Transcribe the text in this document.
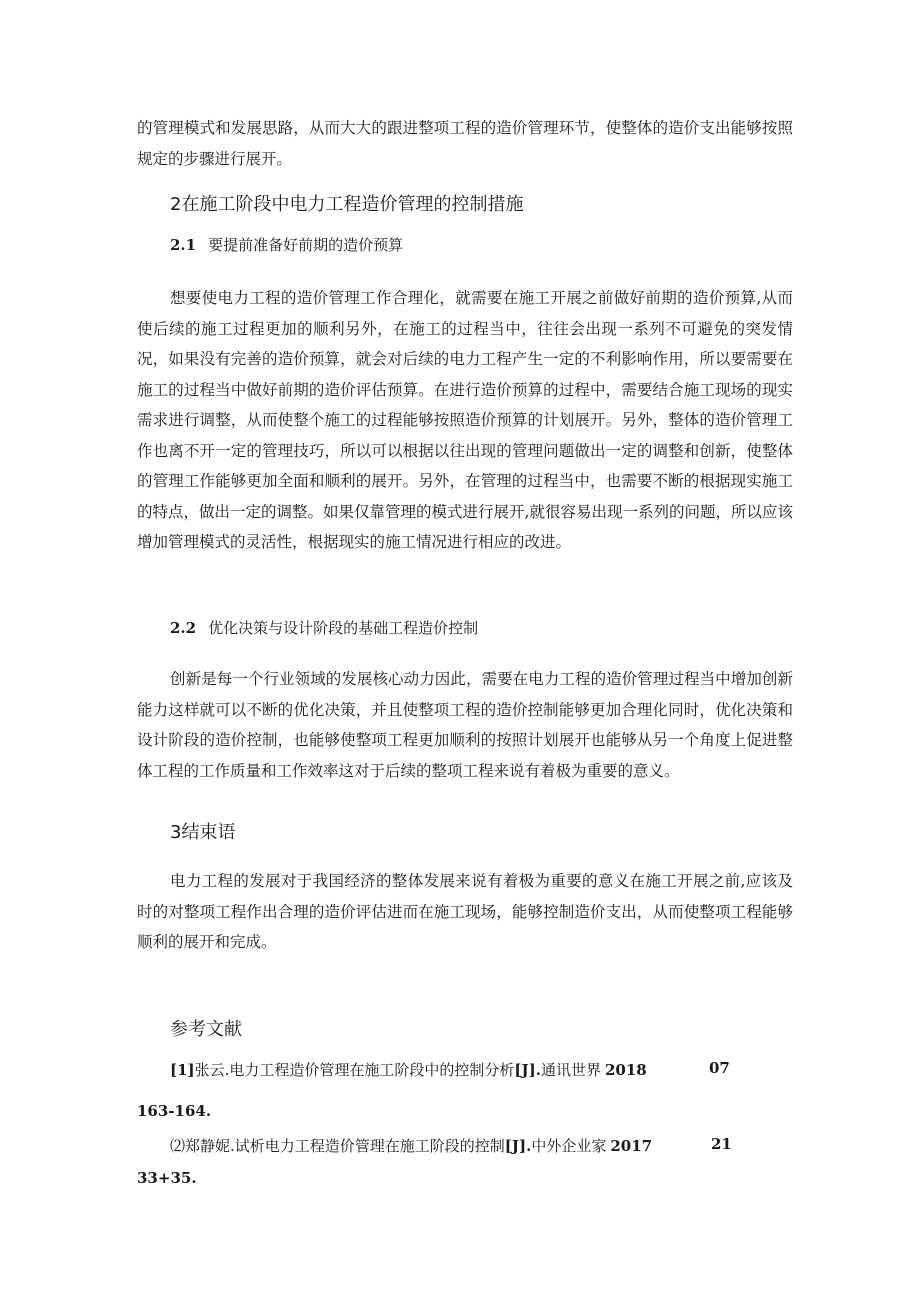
的管理模式和发展思路，从而大大的跟进整项工程的造价管理环节，使整体的造价支出能够按照规定的步骤进行展开。

2在施工阶段中电力工程造价管理的控制措施
2.1 要提前准备好前期的造价预算

想要使电力工程的造价管理工作合理化，就需要在施工开展之前做好前期的造价预算,从而使后续的施工过程更加的顺利另外，在施工的过程当中，往往会出现一系列不可避免的突发情况，如果没有完善的造价预算，就会对后续的电力工程产生一定的不利影响作用，所以要需要在施工的过程当中做好前期的造价评估预算。在进行造价预算的过程中，需要结合施工现场的现实需求进行调整，从而使整个施工的过程能够按照造价预算的计划展开。另外，整体的造价管理工作也离不开一定的管理技巧，所以可以根据以往出现的管理问题做出一定的调整和创新，使整体的管理工作能够更加全面和顺利的展开。另外，在管理的过程当中，也需要不断的根据现实施工的特点，做出一定的调整。如果仅靠管理的模式进行展开,就很容易出现一系列的问题，所以应该增加管理模式的灵活性，根据现实的施工情况进行相应的改进。

2.2 优化决策与设计阶段的基础工程造价控制

创新是每一个行业领域的发展核心动力因此，需要在电力工程的造价管理过程当中增加创新能力这样就可以不断的优化决策，并且使整项工程的造价控制能够更加合理化同时，优化决策和设计阶段的造价控制，也能够使整项工程更加顺利的按照计划展开也能够从另一个角度上促进整体工程的工作质量和工作效率这对于后续的整项工程来说有着极为重要的意义。

3结束语

电力工程的发展对于我国经济的整体发展来说有着极为重要的意义在施工开展之前,应该及时的对整项工程作出合理的造价评估进而在施工现场，能够控制造价支出，从而使整项工程能够顺利的展开和完成。

参考文献
[1]张云.电力工程造价管理在施工阶段中的控制分析[J].通讯世界 2018	07
163-164.
⑵郑静妮.试析电力工程造价管理在施工阶段的控制[J].中外企业家 2017	21
33+35.
